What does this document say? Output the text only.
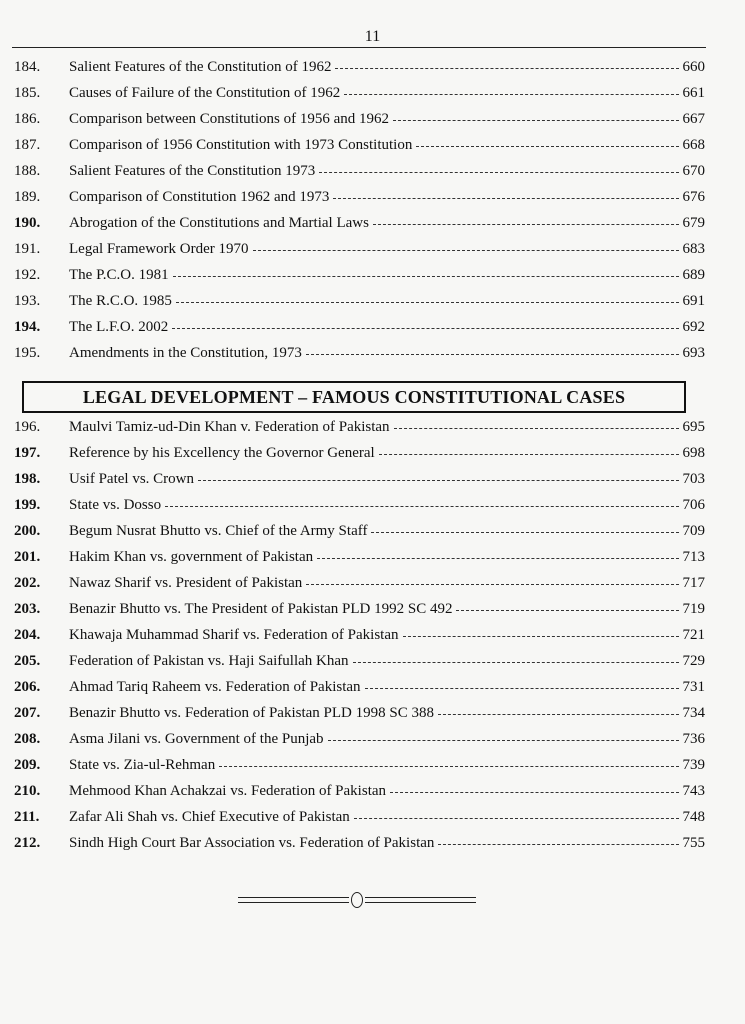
11
184.	Salient Features of the Constitution of 1962	660
185.	Causes of Failure of the Constitution of 1962	661
186.	Comparison between Constitutions of 1956 and 1962	667
187.	Comparison of 1956 Constitution with 1973 Constitution	668
188.	Salient Features of the Constitution 1973	670
189.	Comparison of Constitution 1962 and 1973	676
190.	Abrogation of the Constitutions and Martial Laws	679
191.	Legal Framework Order 1970	683
192.	The P.C.O. 1981	689
193.	The R.C.O. 1985	691
194.	The L.F.O. 2002	692
195.	Amendments in the Constitution, 1973	693
LEGAL DEVELOPMENT – FAMOUS CONSTITUTIONAL CASES
196.	Maulvi Tamiz-ud-Din Khan v. Federation of Pakistan	695
197.	Reference by his Excellency the Governor General	698
198.	Usif Patel vs. Crown	703
199.	State vs. Dosso	706
200.	Begum Nusrat Bhutto vs. Chief of the Army Staff	709
201.	Hakim Khan vs. government of Pakistan	713
202.	Nawaz Sharif vs. President of Pakistan	717
203.	Benazir Bhutto vs. The President of Pakistan PLD 1992 SC 492	719
204.	Khawaja Muhammad Sharif vs. Federation of Pakistan	721
205.	Federation of Pakistan vs. Haji Saifullah Khan	729
206.	Ahmad Tariq Raheem vs. Federation of Pakistan	731
207.	Benazir Bhutto vs. Federation of Pakistan PLD 1998 SC 388	734
208.	Asma Jilani vs. Government of the Punjab	736
209.	State vs. Zia-ul-Rehman	739
210.	Mehmood Khan Achakzai vs. Federation of Pakistan	743
211.	Zafar Ali Shah vs. Chief Executive of Pakistan	748
212.	Sindh High Court Bar Association vs. Federation of Pakistan	755
